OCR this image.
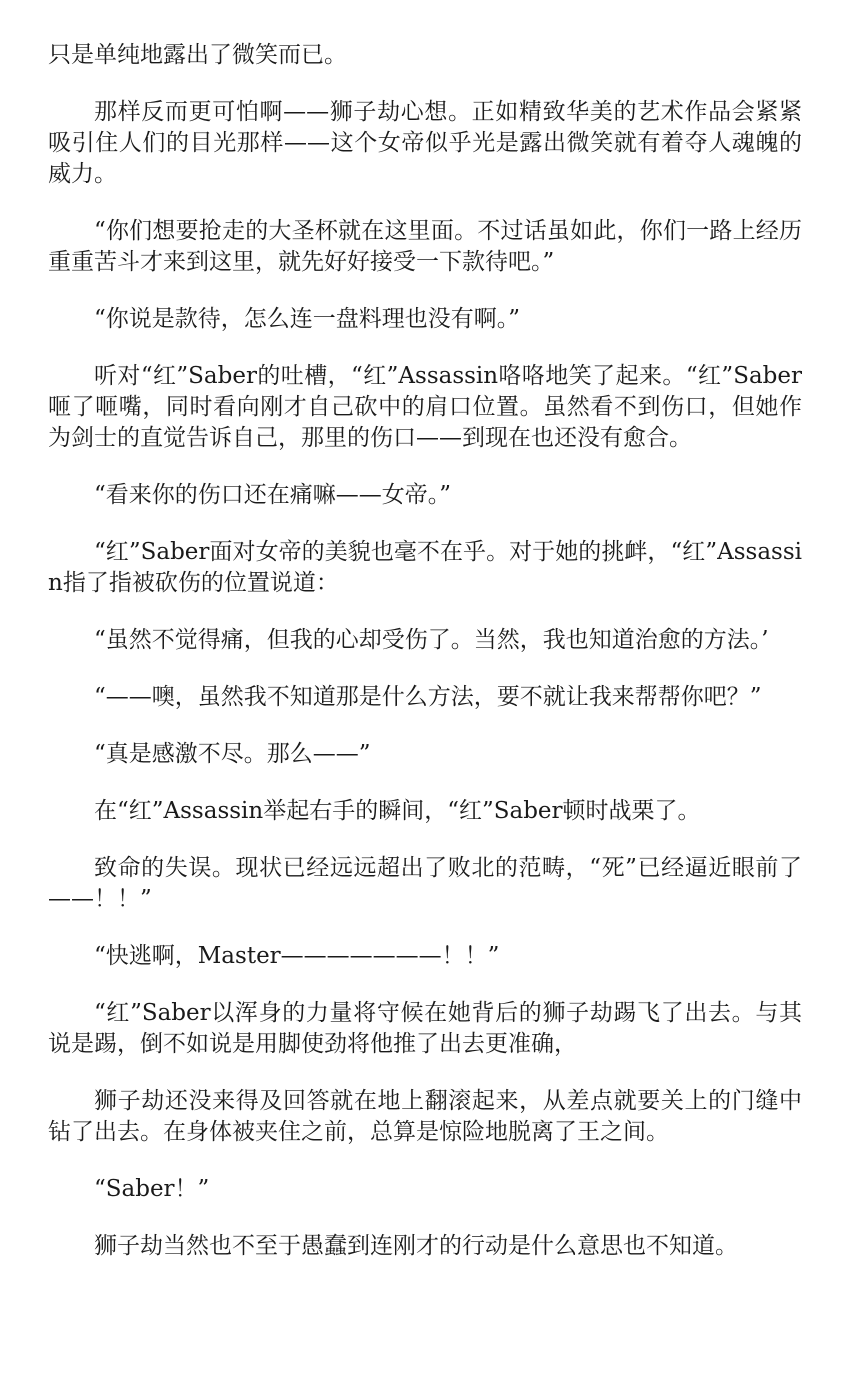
只是单纯地露出了微笑而已。

那样反而更可怕啊——狮子劫心想。正如精致华美的艺术作品会紧紧吸引住人们的目光那样——这个女帝似乎光是露出微笑就有着夺人魂魄的威力。

“你们想要抢走的大圣杯就在这里面。不过话虽如此，你们一路上经历重重苦斗才来到这里，就先好好接受一下款待吧。”

“你说是款待，怎么连一盘料理也没有啊。”

听对“红”Saber的吐槽，“红”Assassin咯咯地笑了起来。“红”Saber咂了咂嘴，同时看向刚才自己砍中的肩口位置。虽然看不到伤口，但她作为剑士的直觉告诉自己，那里的伤口——到现在也还没有愈合。

“看来你的伤口还在痛嘛——女帝。”

“红”Saber面对女帝的美貌也毫不在乎。对于她的挑衅，“红”Assassin指了指被砍伤的位置说道：

“虽然不觉得痛，但我的心却受伤了。当然，我也知道治愈的方法。’

“——噢，虽然我不知道那是什么方法，要不就让我来帮帮你吧？”

“真是感激不尽。那么——”

在“红”Assassin举起右手的瞬间，“红”Saber顿时战栗了。

致命的失误。现状已经远远超出了败北的范畴，“死”已经逼近眼前了——！！”

“快逃啊，Master———————！！”

“红”Saber以浑身的力量将守候在她背后的狮子劫踢飞了出去。与其说是踢，倒不如说是用脚使劲将他推了出去更准确，

狮子劫还没来得及回答就在地上翻滚起来，从差点就要关上的门缝中钻了出去。在身体被夹住之前，总算是惊险地脱离了王之间。

“Saber！”

狮子劫当然也不至于愚蠢到连刚才的行动是什么意思也不知道。
